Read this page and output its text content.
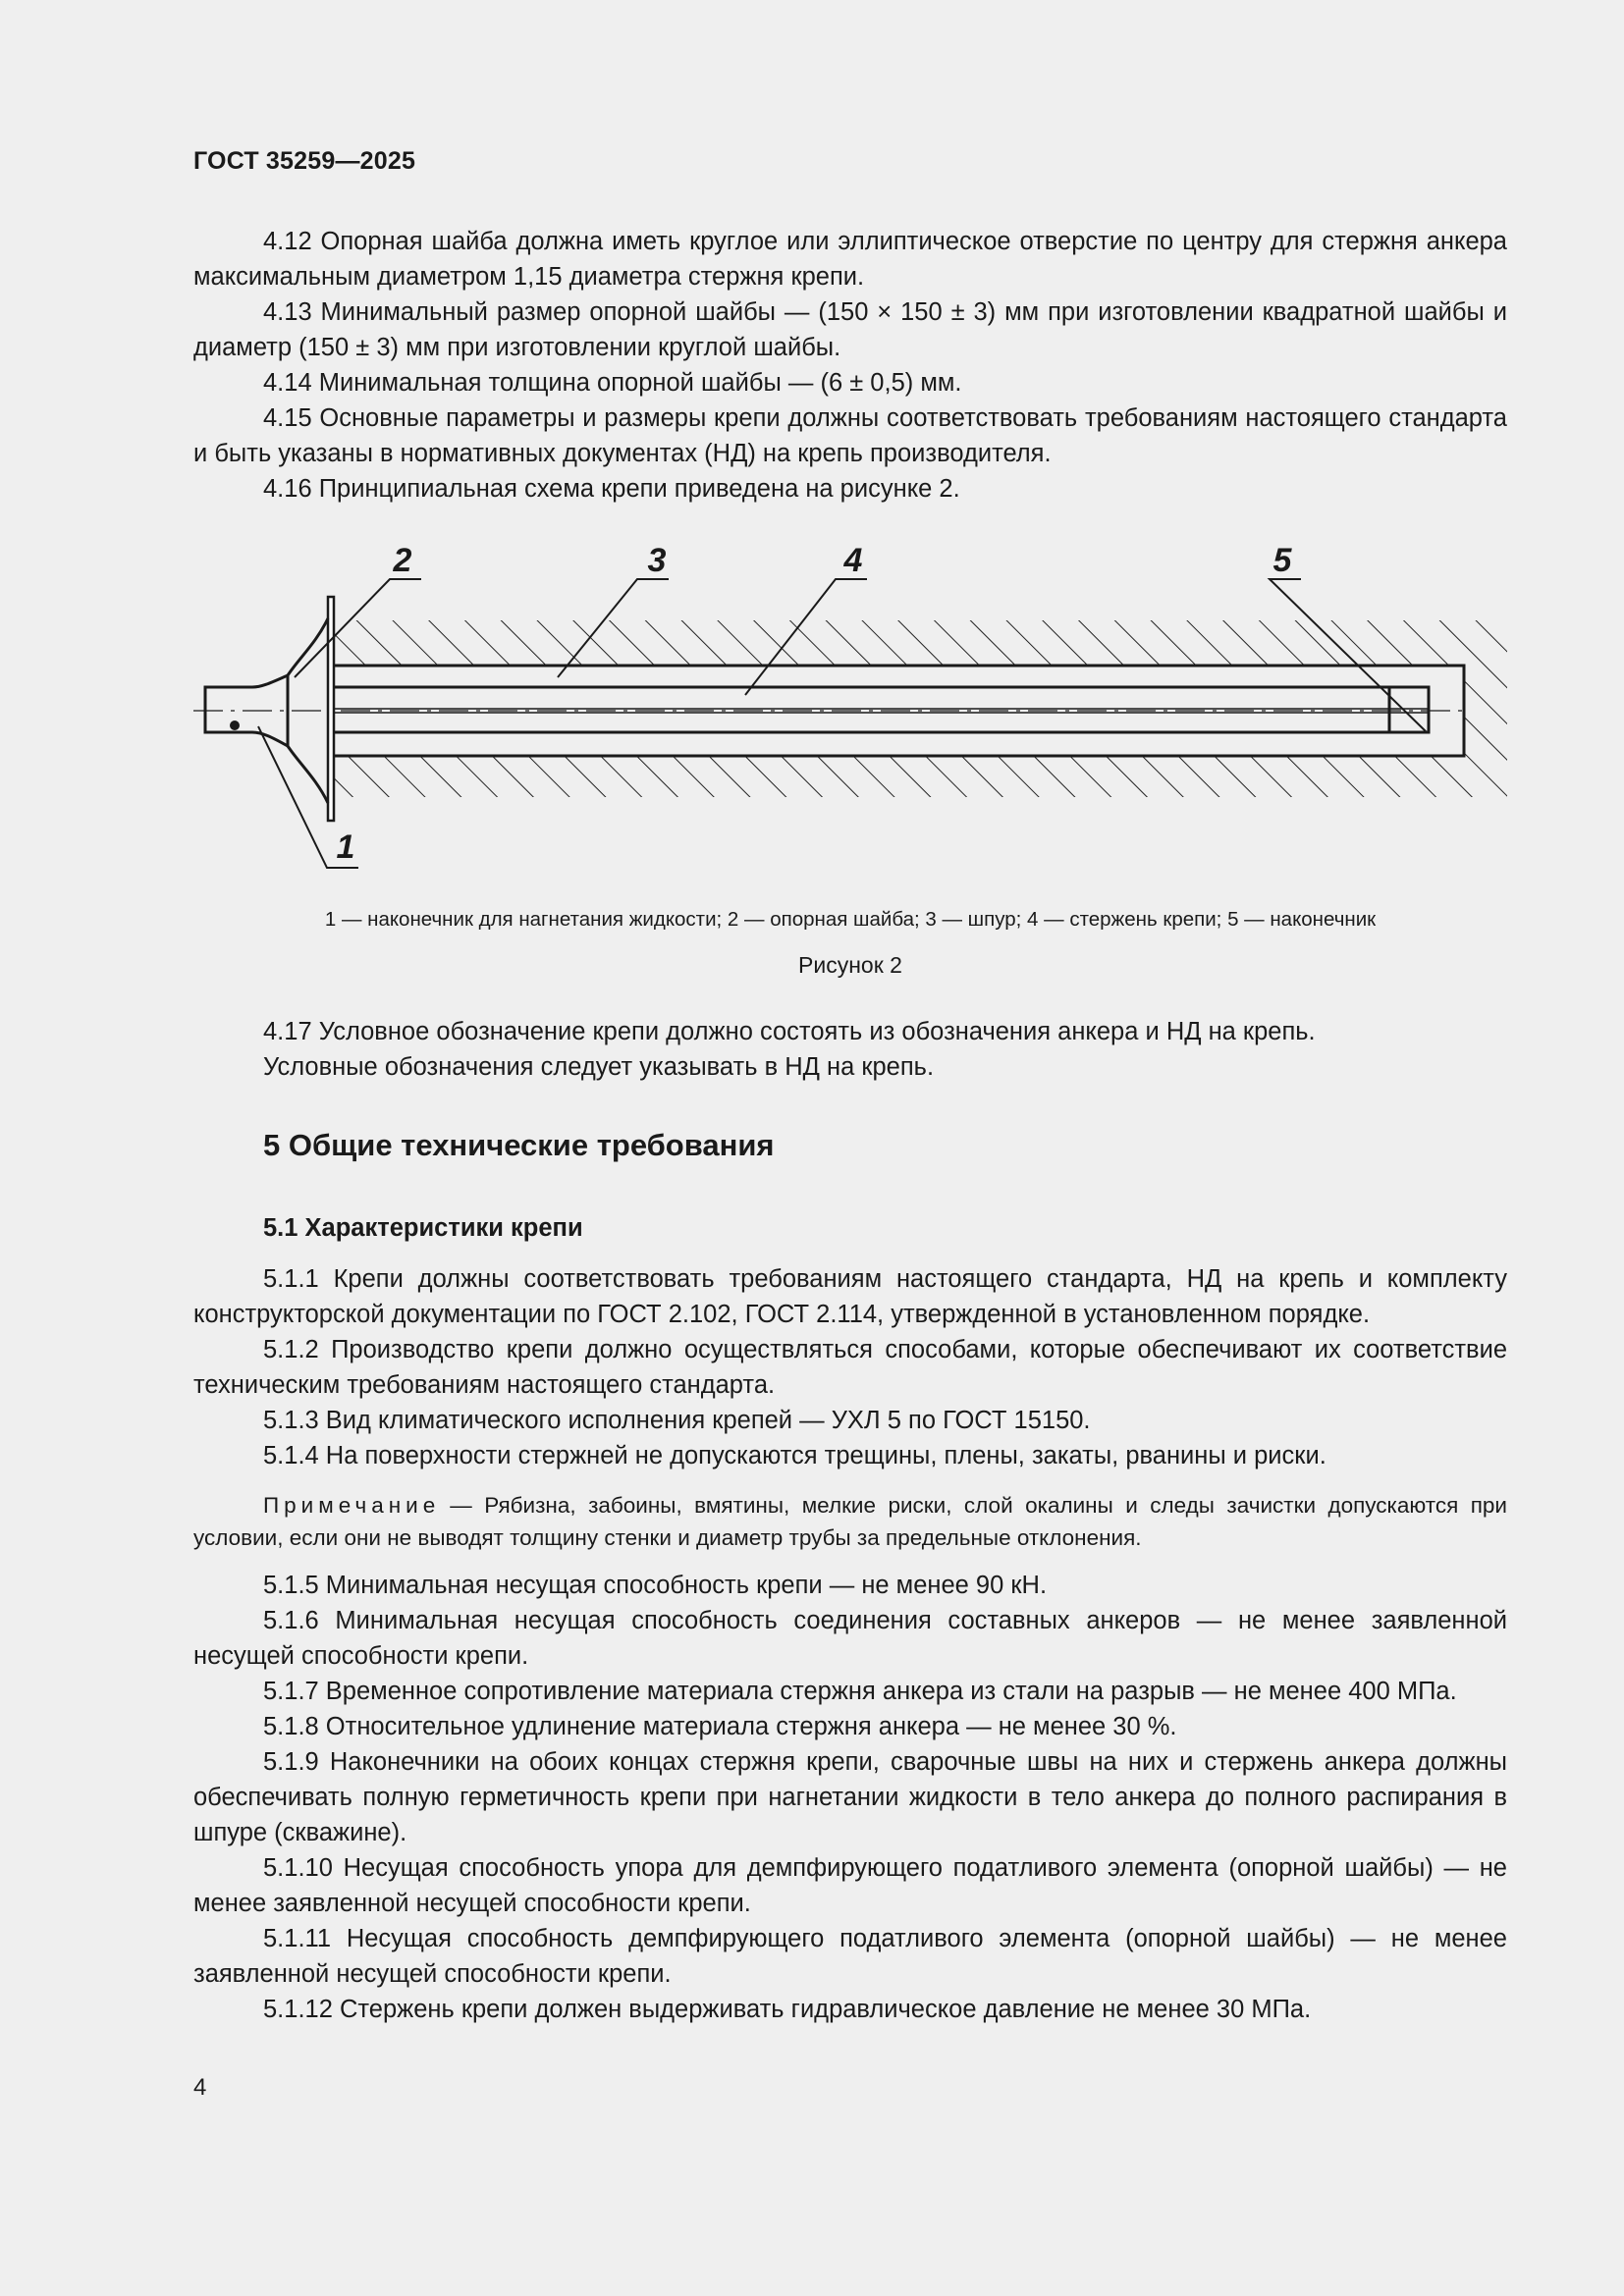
ГОСТ 35259—2025

4.12 Опорная шайба должна иметь круглое или эллиптическое отверстие по центру для стержня анкера максимальным диаметром 1,15 диаметра стержня крепи.

4.13 Минимальный размер опорной шайбы — (150 × 150 ± 3) мм при изготовлении квадратной шайбы и диаметр (150 ± 3) мм при изготовлении круглой шайбы.

4.14 Минимальная толщина опорной шайбы — (6 ± 0,5) мм.

4.15 Основные параметры и размеры крепи должны соответствовать требованиям настоящего стандарта и быть указаны в нормативных документах (НД) на крепь производителя.

4.16 Принципиальная схема крепи приведена на рисунке 2.

2	3	4	5
1
1 — наконечник для нагнетания жидкости; 2 — опорная шайба; 3 — шпур; 4 — стержень крепи; 5 — наконечник
Рисунок 2

4.17 Условное обозначение крепи должно состоять из обозначения анкера и НД на крепь.

Условные обозначения следует указывать в НД на крепь.

5 Общие технические требования
5.1 Характеристики крепи

5.1.1 Крепи должны соответствовать требованиям настоящего стандарта, НД на крепь и комплекту конструкторской документации по ГОСТ 2.102, ГОСТ 2.114, утвержденной в установленном порядке.

5.1.2 Производство крепи должно осуществляться способами, которые обеспечивают их соответствие техническим требованиям настоящего стандарта.

5.1.3 Вид климатического исполнения крепей — УХЛ 5 по ГОСТ 15150.

5.1.4 На поверхности стержней не допускаются трещины, плены, закаты, рванины и риски.

Примечание — Рябизна, забоины, вмятины, мелкие риски, слой окалины и следы зачистки допускаются при условии, если они не выводят толщину стенки и диаметр трубы за предельные отклонения.

5.1.5 Минимальная несущая способность крепи — не менее 90 кН.

5.1.6 Минимальная несущая способность соединения составных анкеров — не менее заявленной несущей способности крепи.

5.1.7 Временное сопротивление материала стержня анкера из стали на разрыв — не менее 400 МПа.

5.1.8 Относительное удлинение материала стержня анкера — не менее 30 %.

5.1.9 Наконечники на обоих концах стержня крепи, сварочные швы на них и стержень анкера должны обеспечивать полную герметичность крепи при нагнетании жидкости в тело анкера до полного распирания в шпуре (скважине).

5.1.10 Несущая способность упора для демпфирующего податливого элемента (опорной шайбы) — не менее заявленной несущей способности крепи.

5.1.11 Несущая способность демпфирующего податливого элемента (опорной шайбы) — не менее заявленной несущей способности крепи.

5.1.12 Стержень крепи должен выдерживать гидравлическое давление не менее 30 МПа.

4
